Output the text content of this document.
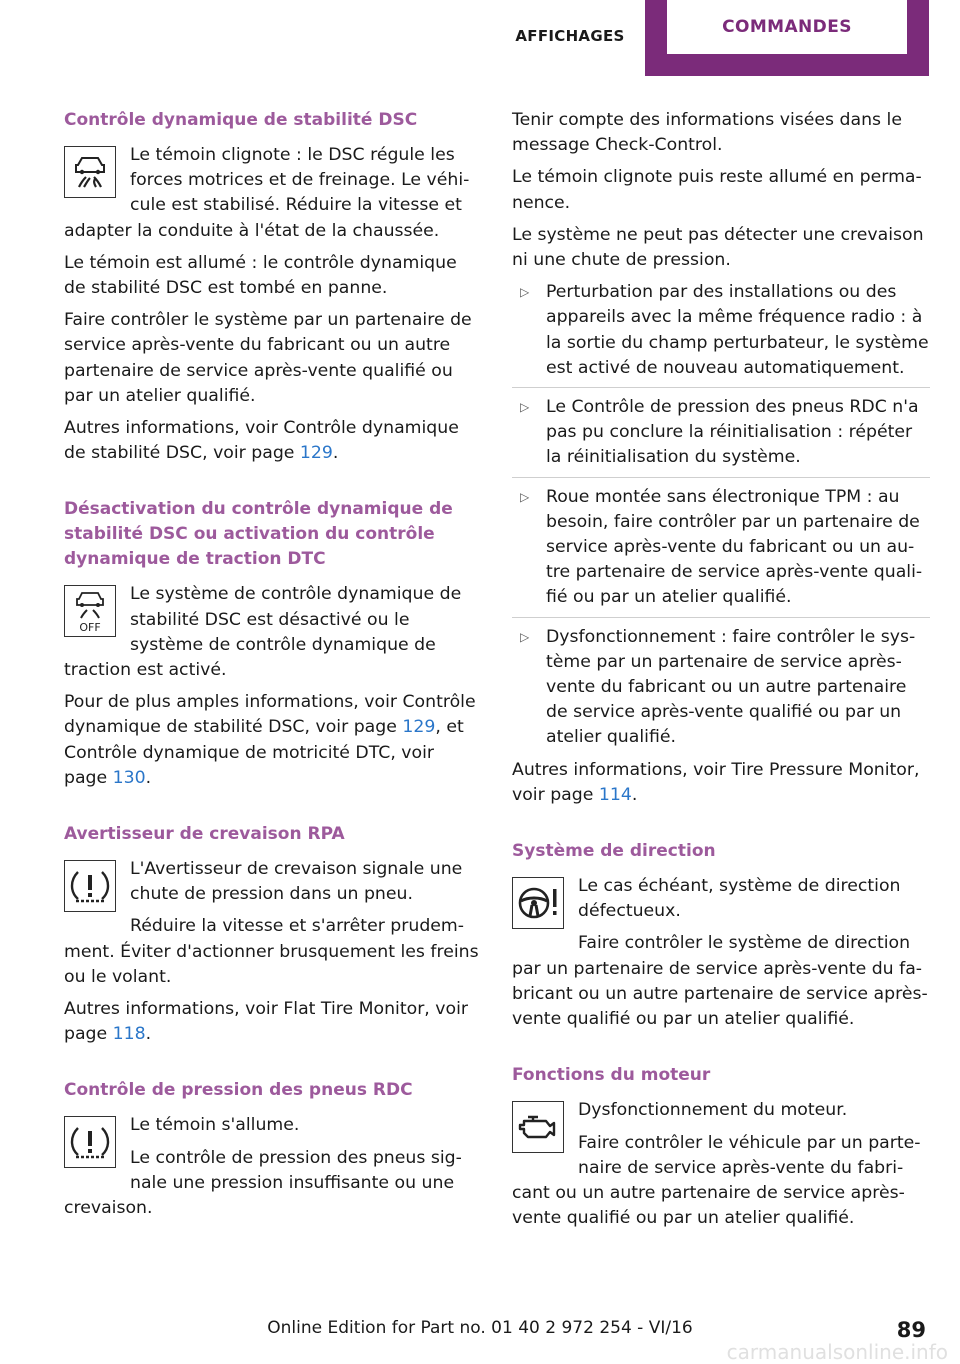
AFFICHAGES	COMMANDES
Contrôle dynamique de stabilité DSC

Le témoin clignote : le DSC régule les forces motrices et de freinage. Le véhi- cule est stabilisé. Réduire la vitesse et adapter la conduite à l'état de la chaussée.

Le témoin est allumé : le contrôle dynamique de stabilité DSC est tombé en panne.

Faire contrôler le système par un partenaire de service après-vente du fabricant ou un autre partenaire de service après-vente qualifié ou par un atelier qualifié.

Autres informations, voir Contrôle dynamique de stabilité DSC, voir page 129.

Désactivation du contrôle dynamique de stabilité DSC ou activation du contrôle dynamique de traction DTC
OFF

Le système de contrôle dynamique de stabilité DSC est désactivé ou le système de contrôle dynamique de traction est activé.

Pour de plus amples informations, voir Contrôle dynamique de stabilité DSC, voir page 129, et Contrôle dynamique de motricité DTC, voir page 130.

Avertisseur de crevaison RPA

L'Avertisseur de crevaison signale une chute de pression dans un pneu.

Réduire la vitesse et s'arrêter prudem- ment. Éviter d'actionner brusquement les freins ou le volant.

Autres informations, voir Flat Tire Monitor, voir page 118.

Contrôle de pression des pneus RDC

Le témoin s'allume.

Le contrôle de pression des pneus sig- nale une pression insuffisante ou une crevaison.

Tenir compte des informations visées dans le message Check-Control.

Le témoin clignote puis reste allumé en perma- nence.

Le système ne peut pas détecter une crevaison ni une chute de pression.

▷ Perturbation par des installations ou des appareils avec la même fréquence radio : à la sortie du champ perturbateur, le système est activé de nouveau automatiquement.
▷ Le Contrôle de pression des pneus RDC n'a pas pu conclure la réinitialisation : répéter la réinitialisation du système.
▷ Roue montée sans électronique TPM : au besoin, faire contrôler par un partenaire de service après-vente du fabricant ou un au- tre partenaire de service après-vente quali- fié ou par un atelier qualifié.
▷ Dysfonctionnement : faire contrôler le sys- tème par un partenaire de service après- vente du fabricant ou un autre partenaire de service après-vente qualifié ou par un atelier qualifié.

Autres informations, voir Tire Pressure Monitor, voir page 114.

Système de direction

Le cas échéant, système de direction défectueux.

Faire contrôler le système de direction par un partenaire de service après-vente du fa- bricant ou un autre partenaire de service après- vente qualifié ou par un atelier qualifié.

Fonctions du moteur

Dysfonctionnement du moteur.

Faire contrôler le véhicule par un parte- naire de service après-vente du fabri- cant ou un autre partenaire de service après- vente qualifié ou par un atelier qualifié.

Online Edition for Part no. 01 40 2 972 254 - VI/16	89
carmanualsonline.info
